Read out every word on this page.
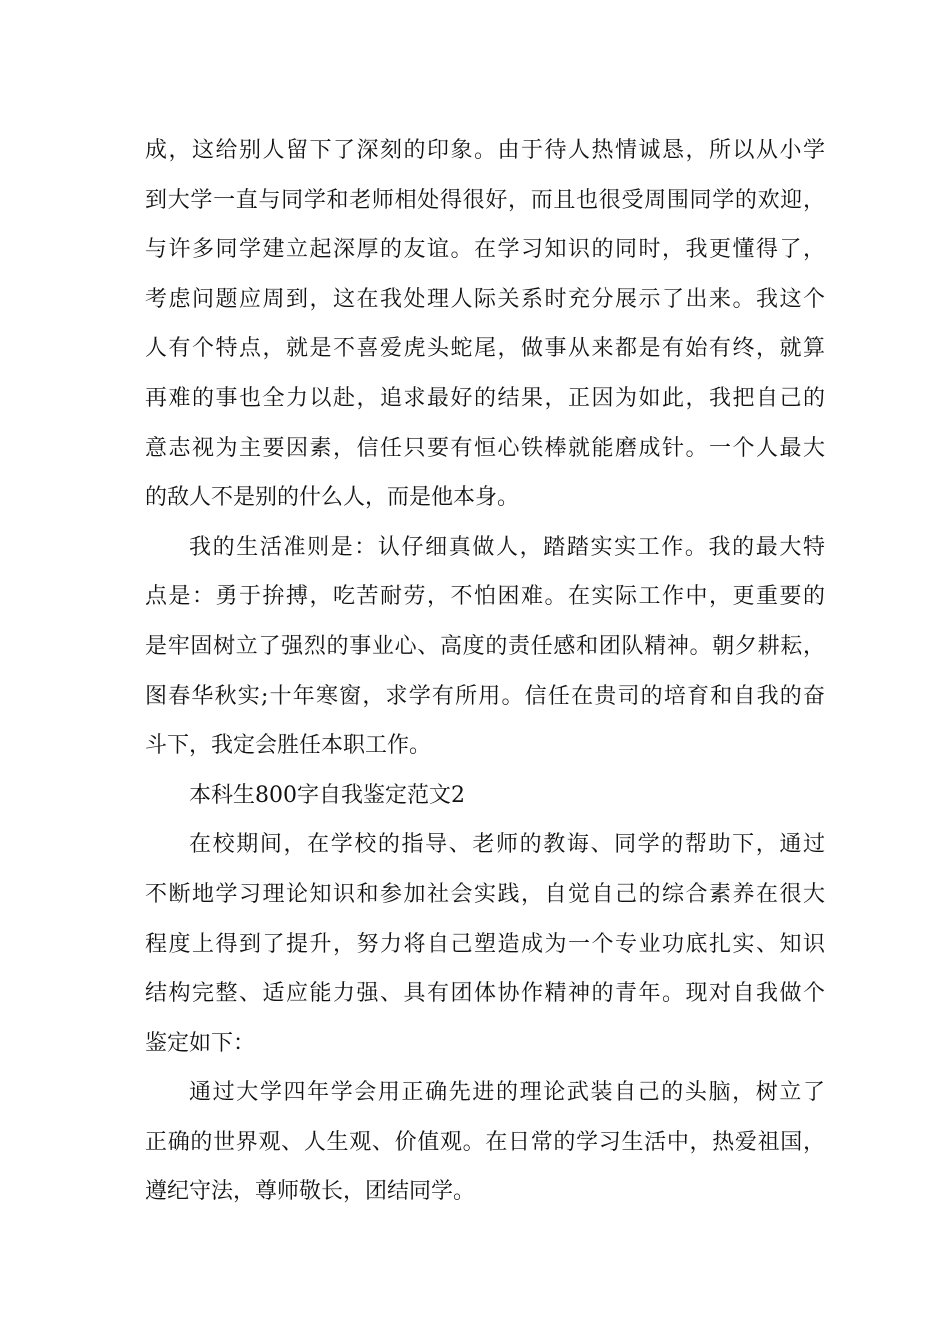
成，这给别人留下了深刻的印象。由于待人热情诚恳，所以从小学
到大学一直与同学和老师相处得很好，而且也很受周围同学的欢迎，
与许多同学建立起深厚的友谊。在学习知识的同时，我更懂得了，
考虑问题应周到，这在我处理人际关系时充分展示了出来。我这个
人有个特点，就是不喜爱虎头蛇尾，做事从来都是有始有终，就算
再难的事也全力以赴，追求最好的结果，正因为如此，我把自己的
意志视为主要因素，信任只要有恒心铁棒就能磨成针。一个人最大
的敌人不是别的什么人，而是他本身。
我的生活准则是：认仔细真做人，踏踏实实工作。我的最大特
点是：勇于拚搏，吃苦耐劳，不怕困难。在实际工作中，更重要的
是牢固树立了强烈的事业心、高度的责任感和团队精神。朝夕耕耘，
图春华秋实;十年寒窗，求学有所用。信任在贵司的培育和自我的奋
斗下，我定会胜任本职工作。
本科生800字自我鉴定范文2
在校期间，在学校的指导、老师的教诲、同学的帮助下，通过
不断地学习理论知识和参加社会实践，自觉自己的综合素养在很大
程度上得到了提升，努力将自己塑造成为一个专业功底扎实、知识
结构完整、适应能力强、具有团体协作精神的青年。现对自我做个
鉴定如下：
通过大学四年学会用正确先进的理论武装自己的头脑，树立了
正确的世界观、人生观、价值观。在日常的学习生活中，热爱祖国，
遵纪守法，尊师敬长，团结同学。
